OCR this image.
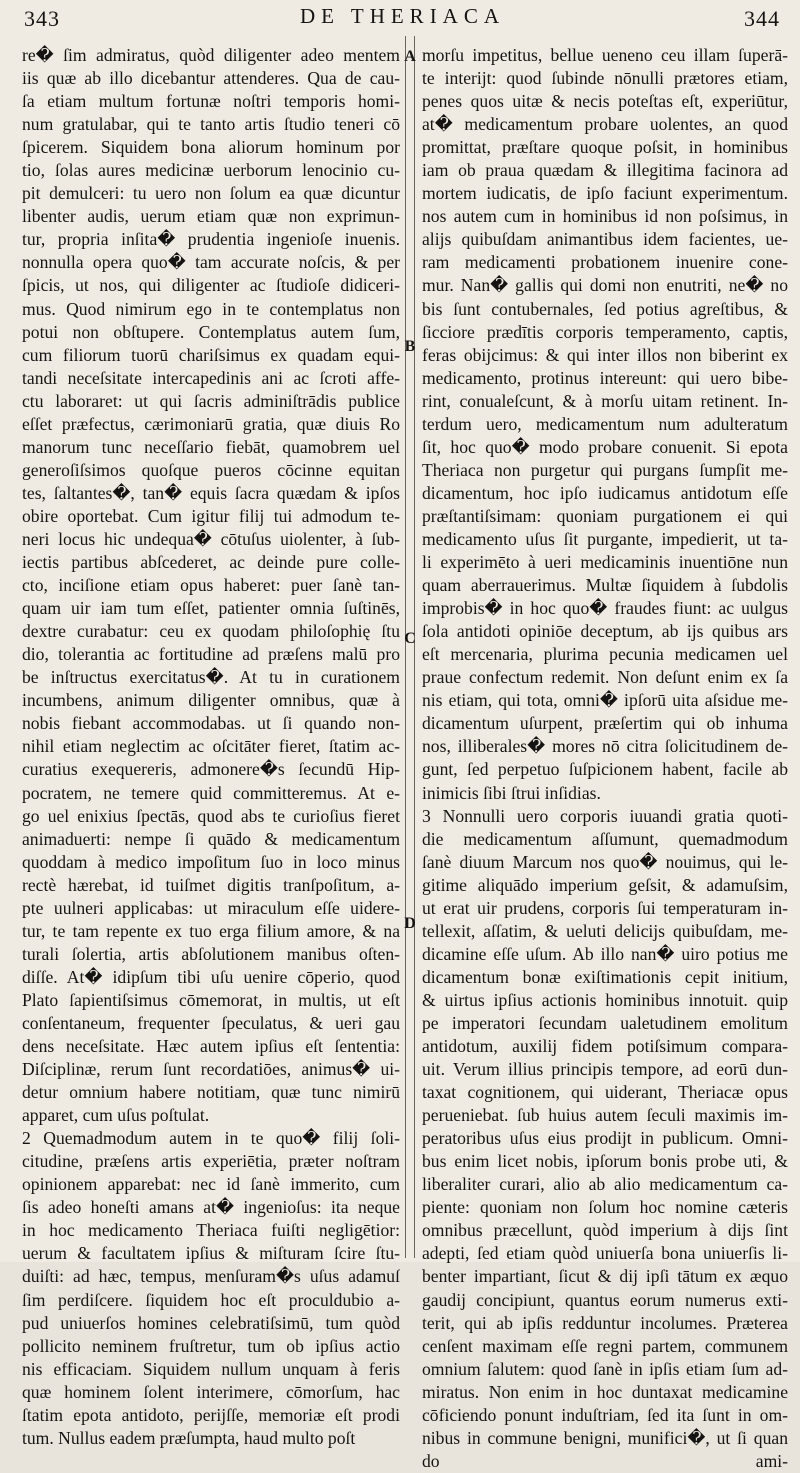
343	DE THERIACA	344
A
B
C
D
re� ſim admiratus, quòd diligenter adeo mentem
iis quæ ab illo dicebantur attenderes. Qua de cau-
ſa etiam multum fortunæ noſtri temporis homi-
num gratulabar, qui te tanto artis ſtudio teneri cō
ſpicerem. Siquidem bona aliorum hominum por
tio, ſolas aures medicinæ uerborum lenocinio cu-
pit demulceri: tu uero non ſolum ea quæ dicuntur
libenter audis, uerum etiam quæ non exprimun-
tur, propria inſita� prudentia ingenioſe inuenis.
nonnulla opera quo� tam accurate noſcis, & per
ſpicis, ut nos, qui diligenter ac ſtudioſe didiceri-
mus. Quod nimirum ego in te contemplatus non
potui non obſtupere. Contemplatus autem ſum,
cum filiorum tuorū chariſsimus ex quadam equi-
tandi neceſsitate intercapedinis ani ac ſcroti affe-
ctu laboraret: ut qui ſacris adminiſtrādis publice
eſſet præfectus, cærimoniarū gratia, quæ diuis Ro
manorum tunc neceſſario fiebāt, quamobrem uel
generoſiſsimos quoſque pueros cōcinne equitan
tes, ſaltantes�, tan� equis ſacra quædam & ipſos
obire oportebat. Cum igitur filij tui admodum te-
neri locus hic undequa� cōtuſus uiolenter, à ſub-
iectis partibus abſcederet, ac deinde pure colle-
cto, inciſione etiam opus haberet: puer ſanè tan-
quam uir iam tum eſſet, patienter omnia ſuſtinēs,
dextre curabatur: ceu ex quodam philoſophię ſtu
dio, tolerantia ac fortitudine ad præſens malū pro
be inſtructus exercitatus�. At tu in curationem
incumbens, animum diligenter omnibus, quæ à
nobis fiebant accommodabas. ut ſi quando non-
nihil etiam neglectim ac oſcitāter fieret, ſtatim ac-
curatius exequereris, admonere�s ſecundū Hip-
pocratem, ne temere quid committeremus. At e-
go uel enixius ſpectās, quod abs te curioſius fieret
animaduerti: nempe ſi quādo & medicamentum
quoddam à medico impoſitum ſuo in loco minus
rectè hærebat, id tuiſmet digitis tranſpoſitum, a-
pte uulneri applicabas: ut miraculum eſſe uidere-
tur, te tam repente ex tuo erga filium amore, & na
turali ſolertia, artis abſolutionem manibus oſten-
diſſe. At� idipſum tibi uſu uenire cōperio, quod
Plato ſapientiſsimus cōmemorat, in multis, ut eſt
conſentaneum, frequenter ſpeculatus, & ueri gau
dens neceſsitate. Hæc autem ipſius eſt ſententia:
Diſciplinæ, rerum ſunt recordatiōes, animus� ui-
detur omnium habere notitiam, quæ tunc nimirū
apparet, cum uſus poſtulat.
2 Quemadmodum autem in te quo� filij ſoli-
citudine, præſens artis experiētia, præter noſtram
opinionem apparebat: nec id ſanè immerito, cum
ſis adeo honeſti amans at� ingenioſus: ita neque
in hoc medicamento Theriaca fuiſti negligētior:
uerum & facultatem ipſius & miſturam ſcire ſtu-
duiſti: ad hæc, tempus, menſuram�s uſus adamuſ
ſim perdiſcere. ſiquidem hoc eſt proculdubio a-
pud uniuerſos homines celebratiſsimū, tum quòd
pollicito neminem fruſtretur, tum ob ipſius actio
nis efficaciam. Siquidem nullum unquam à feris
quæ hominem ſolent interimere, cōmorſum, hac
ſtatim epota antidoto, perijſſe, memoriæ eſt prodi
tum. Nullus eadem præſumpta, haud multo poſt
morſu impetitus, bellue ueneno ceu illam ſuperā-
te interijt: quod ſubinde nōnulli prætores etiam,
penes quos uitæ & necis poteſtas eſt, experiūtur,
at� medicamentum probare uolentes, an quod
promittat, præſtare quoque poſsit, in hominibus
iam ob praua quædam & illegitima facinora ad
mortem iudicatis, de ipſo faciunt experimentum.
nos autem cum in hominibus id non poſsimus, in
alijs quibuſdam animantibus idem facientes, ue-
ram medicamenti probationem inuenire cone-
mur. Nan� gallis qui domi non enutriti, ne� no
bis ſunt contubernales, ſed potius agreſtibus, &
ſicciore prædītis corporis temperamento, captis,
feras obijcimus: & qui inter illos non biberint ex
medicamento, protinus intereunt: qui uero bibe-
rint, conualeſcunt, & à morſu uitam retinent. In-
terdum uero, medicamentum num adulteratum
ſit, hoc quo� modo probare conuenit. Si epota
Theriaca non purgetur qui purgans ſumpſit me-
dicamentum, hoc ipſo iudicamus antidotum eſſe
præſtantiſsimam: quoniam purgationem ei qui
medicamento uſus ſit purgante, impedierit, ut ta-
li experimēto à ueri medicaminis inuentiōne nun
quam aberrauerimus. Multæ ſiquidem à ſubdolis
improbis� in hoc quo� fraudes fiunt: ac uulgus
ſola antidoti opiniōe deceptum, ab ijs quibus ars
eſt mercenaria, plurima pecunia medicamen uel
praue confectum redemit. Non deſunt enim ex ſa
nis etiam, qui tota, omni� ipſorū uita aſsidue me-
dicamentum uſurpent, præſertim qui ob inhuma
nos, illiberales� mores nō citra ſolicitudinem de-
gunt, ſed perpetuo ſuſpicionem habent, facile ab
inimicis ſibi ſtrui inſidias.
3 Nonnulli uero corporis iuuandi gratia quoti-
die medicamentum aſſumunt, quemadmodum
ſanè diuum Marcum nos quo� nouimus, qui le-
gitime aliquādo imperium geſsit, & adamuſsim,
ut erat uir prudens, corporis ſui temperaturam in-
tellexit, aſſatim, & ueluti delicijs quibuſdam, me-
dicamine eſſe uſum. Ab illo nan� uiro potius me
dicamentum bonæ exiſtimationis cepit initium,
& uirtus ipſius actionis hominibus innotuit. quip
pe imperatori ſecundam ualetudinem emolitum
antidotum, auxilij fidem potiſsimum compara-
uit. Verum illius principis tempore, ad eorū dun-
taxat cognitionem, qui uiderant, Theriacæ opus
perueniebat. ſub huius autem ſeculi maximis im-
peratoribus uſus eius prodijt in publicum. Omni-
bus enim licet nobis, ipſorum bonis probe uti, &
liberaliter curari, alio ab alio medicamentum ca-
piente: quoniam non ſolum hoc nomine cæteris
omnibus præcellunt, quòd imperium à dijs ſint
adepti, ſed etiam quòd uniuerſa bona uniuerſis li-
benter impartiant, ſicut & dij ipſi tātum ex æquo
gaudij concipiunt, quantus eorum numerus exti-
terit, qui ab ipſis redduntur incolumes. Præterea
cenſent maximam eſſe regni partem, communem
omnium ſalutem: quod ſanè in ipſis etiam ſum ad-
miratus. Non enim in hoc duntaxat medicamine
cōficiendo ponunt induſtriam, ſed ita ſunt in om-
nibus in commune benigni, munifici�, ut ſi quan
do ami-
